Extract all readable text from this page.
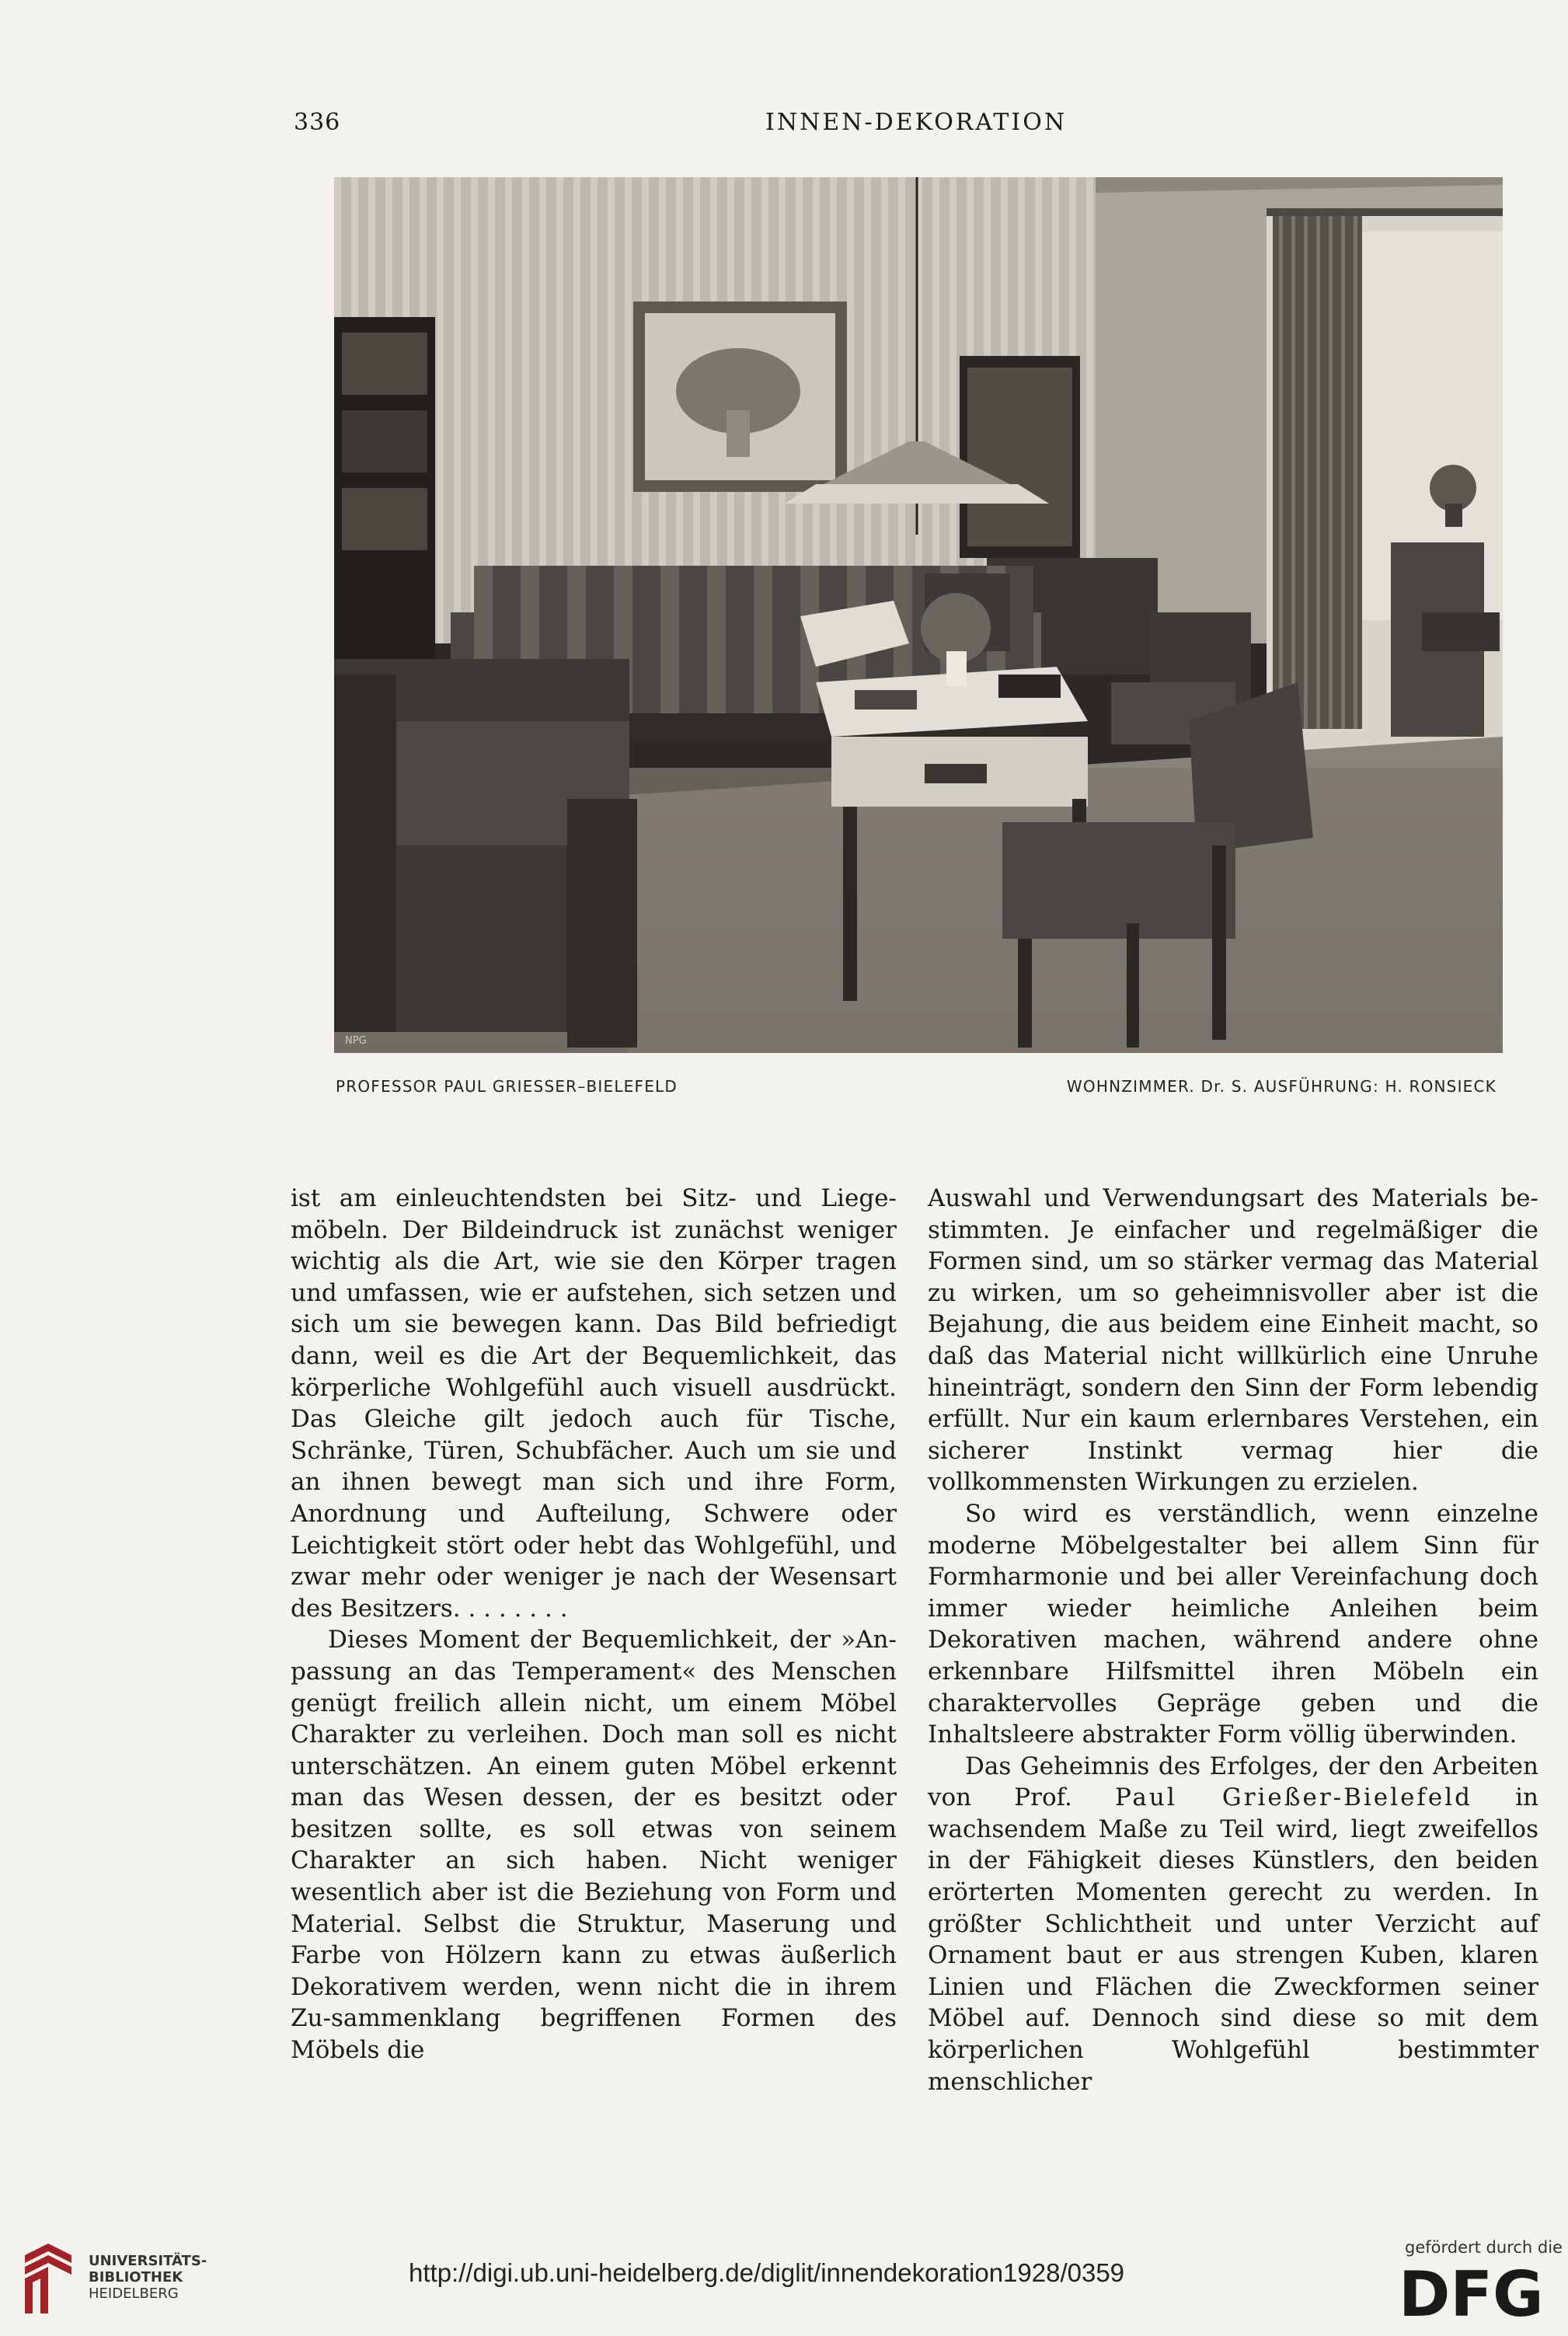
336	INNEN-DEKORATION
NPG
PROFESSOR PAUL GRIESSER–BIELEFELD	WOHNZIMMER. Dr. S. AUSFÜHRUNG: H. RONSIECK

ist am einleuchtendsten bei Sitz- und Liege-möbeln. Der Bildeindruck ist zunächst weniger wichtig als die Art, wie sie den Körper tragen und umfassen, wie er aufstehen, sich setzen und sich um sie bewegen kann. Das Bild befriedigt dann, weil es die Art der Bequemlichkeit, das körperliche Wohlgefühl auch visuell ausdrückt. Das Gleiche gilt jedoch auch für Tische, Schränke, Türen, Schubfächer. Auch um sie und an ihnen bewegt man sich und ihre Form, Anordnung und Aufteilung, Schwere oder Leichtigkeit stört oder hebt das Wohlgefühl, und zwar mehr oder weniger je nach der Wesensart des Besitzers. . . . . . . .

Dieses Moment der Bequemlichkeit, der »An-passung an das Temperament« des Menschen genügt freilich allein nicht, um einem Möbel Charakter zu verleihen. Doch man soll es nicht unterschätzen. An einem guten Möbel erkennt man das Wesen dessen, der es besitzt oder besitzen sollte, es soll etwas von seinem Charakter an sich haben. Nicht weniger wesentlich aber ist die Beziehung von Form und Material. Selbst die Struktur, Maserung und Farbe von Hölzern kann zu etwas äußerlich Dekorativem werden, wenn nicht die in ihrem Zu-sammenklang begriffenen Formen des Möbels die

Auswahl und Verwendungsart des Materials be-stimmten. Je einfacher und regelmäßiger die Formen sind, um so stärker vermag das Material zu wirken, um so geheimnisvoller aber ist die Bejahung, die aus beidem eine Einheit macht, so daß das Material nicht willkürlich eine Unruhe hineinträgt, sondern den Sinn der Form lebendig erfüllt. Nur ein kaum erlernbares Verstehen, ein sicherer Instinkt vermag hier die vollkommensten Wirkungen zu erzielen.

So wird es verständlich, wenn einzelne moderne Möbelgestalter bei allem Sinn für Formharmonie und bei aller Vereinfachung doch immer wieder heimliche Anleihen beim Dekorativen machen, während andere ohne erkennbare Hilfsmittel ihren Möbeln ein charaktervolles Gepräge geben und die Inhaltsleere abstrakter Form völlig überwinden.

Das Geheimnis des Erfolges, der den Arbeiten von Prof. Paul Grießer-Bielefeld in wachsendem Maße zu Teil wird, liegt zweifellos in der Fähigkeit dieses Künstlers, den beiden erörterten Momenten gerecht zu werden. In größter Schlichtheit und unter Verzicht auf Ornament baut er aus strengen Kuben, klaren Linien und Flächen die Zweckformen seiner Möbel auf. Dennoch sind diese so mit dem körperlichen Wohlgefühl bestimmter menschlicher

UNIVERSITÄTS-
BIBLIOTHEK
HEIDELBERG
http://digi.ub.uni-heidelberg.de/diglit/innendekoration1928/0359
gefördert durch die
DFG
